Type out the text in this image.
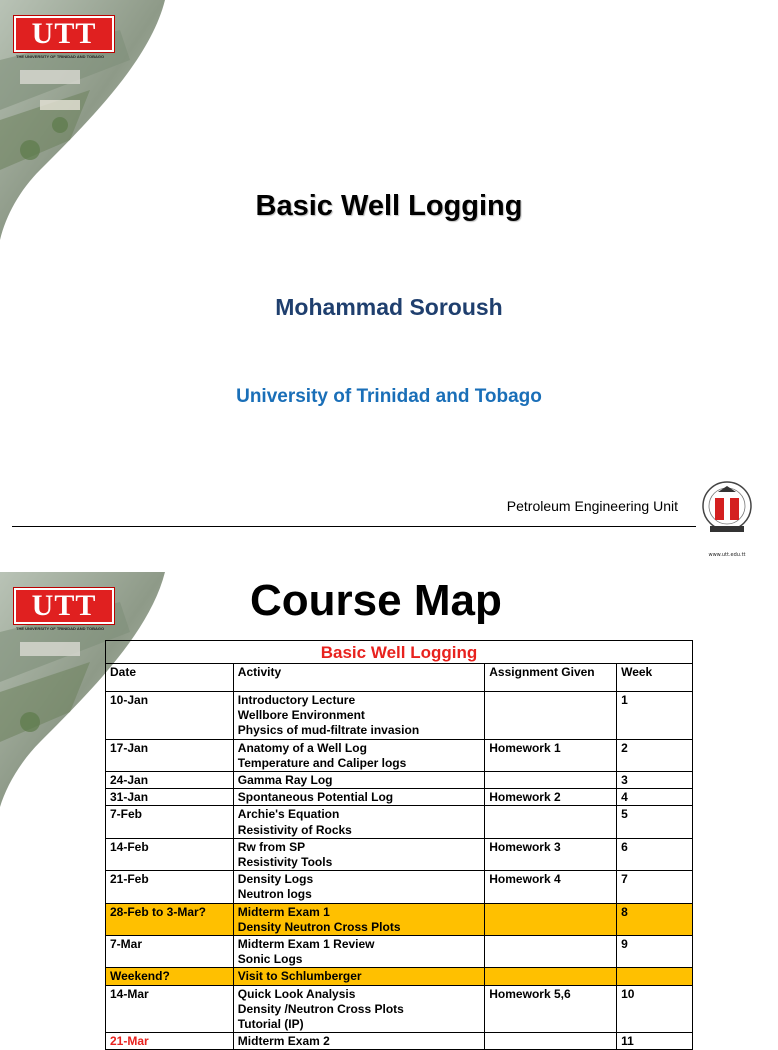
UTT
THE UNIVERSITY OF TRINIDAD AND TOBAGO
Basic Well Logging
Mohammad Soroush
University of Trinidad and Tobago
Petroleum Engineering Unit
www.utt.edu.tt
UTT
THE UNIVERSITY OF TRINIDAD AND TOBAGO
Course Map
Basic Well Logging			
Date	Activity	Assignment Given	Week
10-Jan	Introductory Lecture
Wellbore Environment
Physics of mud-filtrate invasion		1
17-Jan	Anatomy of a Well Log
Temperature and Caliper logs	Homework 1	2
24-Jan	Gamma Ray Log		3
31-Jan	Spontaneous Potential Log	Homework 2	4
7-Feb	Archie's Equation
Resistivity of Rocks		5
14-Feb	Rw from SP
Resistivity Tools	Homework 3	6
21-Feb	Density Logs
Neutron logs	Homework 4	7
28-Feb to 3-Mar?	Midterm Exam 1
Density Neutron Cross Plots		8
7-Mar	Midterm Exam 1 Review
Sonic Logs		9
Weekend?	Visit to Schlumberger		

14-Mar	Quick Look Analysis
Density /Neutron Cross Plots
Tutorial (IP)	Homework 5,6	10
21-Mar	Midterm Exam 2		11
